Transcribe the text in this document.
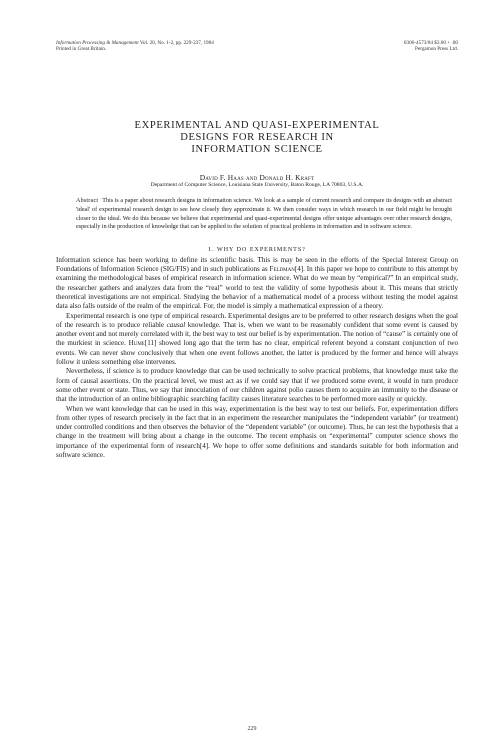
Information Processing & Management Vol. 20, No. 1-2, pp. 229-237, 1984
Printed in Great Britain.
0306-4573/84 $3.00 + .00
Pergamon Press Ltd.
EXPERIMENTAL AND QUASI-EXPERIMENTAL
DESIGNS FOR RESEARCH IN
INFORMATION SCIENCE
David F. Haas and Donald H. Kraft
Department of Computer Science, Louisiana State University, Baton Rouge, LA 70803, U.S.A.
Abstract This is a paper about research designs in information science. We look at a sample of current research and compare its designs with an abstract 'ideal' of experimental research design to see how closely they approximate it. We then consider ways in which research in our field might be brought closer to the ideal. We do this because we believe that experimental and quasi-experimental designs offer unique advantages over other research designs, especially in the production of knowledge that can be applied to the solution of practical problems in information and in software science.
1. WHY DO EXPERIMENTS?

Information science has been working to define its scientific basis. This is may be seen in the efforts of the Special Interest Group on Foundations of Information Science (SIG/FIS) and in such publications as Feldman[4]. In this paper we hope to contribute to this attempt by examining the methodological bases of empirical research in information science. What do we mean by “empirical?” In an empirical study, the researcher gathers and analyzes data from the “real” world to test the validity of some hypothesis about it. This means that strictly theoretical investigations are not empirical. Studying the behavior of a mathematical model of a process without testing the model against data also falls outside of the realm of the empirical. For, the model is simply a mathematical expression of a theory.

Experimental research is one type of empirical research. Experimental designs are to be preferred to other research designs when the goal of the research is to produce reliable causal knowledge. That is, when we want to be reasonably confident that some event is caused by another event and not merely correlated with it, the best way to test our belief is by experimentation. The notion of “cause” is certainly one of the murkiest in science. Hume[11] showed long ago that the term has no clear, empirical referent beyond a constant conjunction of two events. We can never show conclusively that when one event follows another, the latter is produced by the former and hence will always follow it unless something else intervenes.

Nevertheless, if science is to produce knowledge that can be used technically to solve practical problems, that knowledge must take the form of causal assertions. On the practical level, we must act as if we could say that if we produced some event, it would in turn produce some other event or state. Thus, we say that innoculation of our children against polio causes them to acquire an immunity to the disease or that the introduction of an online bibliographic searching facility causes literature searches to be performed more easily or quickly.

When we want knowledge that can be used in this way, experimentation is the best way to test our beliefs. For, experimentation differs from other types of research precisely in the fact that in an experiment the researcher manipulates the “independent variable” (or treatment) under controlled conditions and then observes the behavior of the “dependent variable” (or outcome). Thus, he can test the hypothesis that a change in the treatment will bring about a change in the outcome. The recent emphasis on “experimental” computer science shows the importance of the experimental form of research[4]. We hope to offer some definitions and standards suitable for both information and software science.

229
